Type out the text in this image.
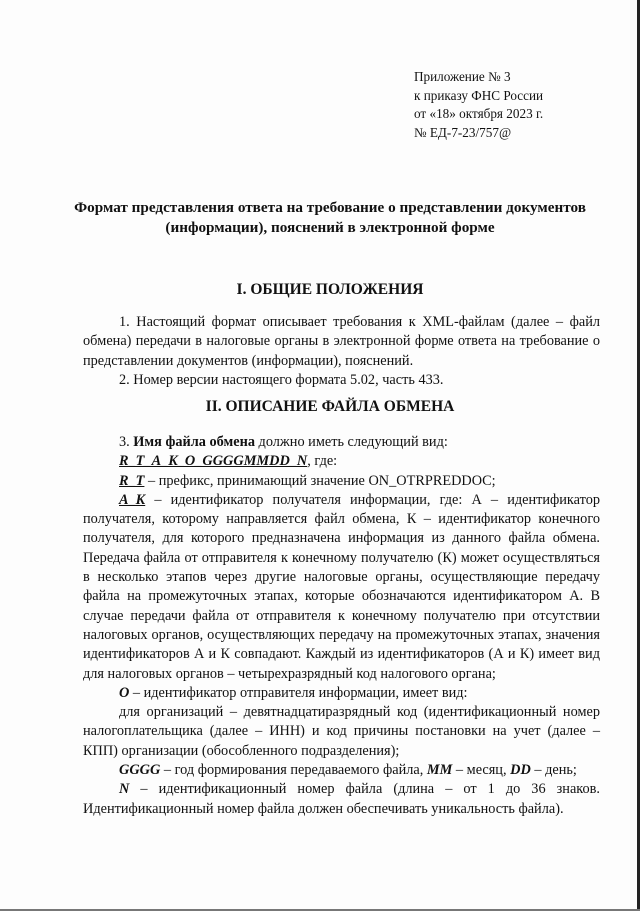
Приложение № 3
к приказу ФНС России
от «18» октября 2023 г.
№ ЕД-7-23/757@
Формат представления ответа на требование о представлении документов (информации), пояснений в электронной форме
I. ОБЩИЕ ПОЛОЖЕНИЯ

1. Настоящий формат описывает требования к XML-файлам (далее – файл обмена) передачи в налоговые органы в электронной форме ответа на требование о представлении документов (информации), пояснений.

2. Номер версии настоящего формата 5.02, часть 433.

II. ОПИСАНИЕ ФАЙЛА ОБМЕНА

3. Имя файла обмена должно иметь следующий вид:

R_T_A_K_O_GGGGMMDD_N, где:

R_T – префикс, принимающий значение ON_OTRPREDDOC;

A_K – идентификатор получателя информации, где: А – идентификатор получателя, которому направляется файл обмена, К – идентификатор конечного получателя, для которого предназначена информация из данного файла обмена. Передача файла от отправителя к конечному получателю (К) может осуществляться в несколько этапов через другие налоговые органы, осуществляющие передачу файла на промежуточных этапах, которые обозначаются идентификатором А. В случае передачи файла от отправителя к конечному получателю при отсутствии налоговых органов, осуществляющих передачу на промежуточных этапах, значения идентификаторов А и К совпадают. Каждый из идентификаторов (А и К) имеет вид для налоговых органов – четырехразрядный код налогового органа;

O – идентификатор отправителя информации, имеет вид:

для организаций – девятнадцатиразрядный код (идентификационный номер налогоплательщика (далее – ИНН) и код причины постановки на учет (далее – КПП) организации (обособленного подразделения);

GGGG – год формирования передаваемого файла, MM – месяц, DD – день;

N – идентификационный номер файла (длина – от 1 до 36 знаков. Идентификационный номер файла должен обеспечивать уникальность файла).
